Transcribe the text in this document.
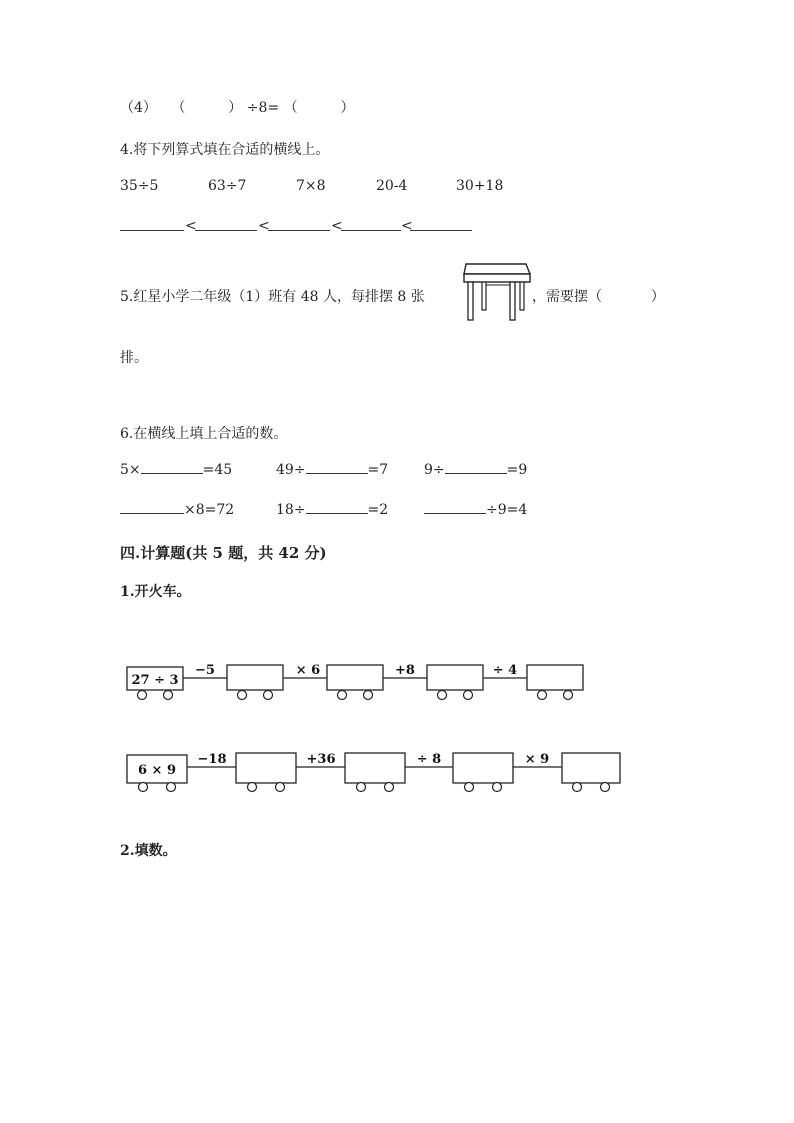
（4） （	） ÷8= （	）
4.将下列算式填在合适的横线上。
35÷5	63÷7	7×8	20-4	30+18
<	<	<	<
5.红星小学二年级（1）班有 48 人，每排摆 8 张	，需要摆（	）
排。
6.在横线上填上合适的数。
5×	=45	49÷	=7	9÷	=9
×8=72	18÷	=2	÷9=4
四.计算题(共 5 题，共 42 分)
1.开火车。
27 ÷ 3
−5	× 6	+8	÷ 4
6 × 9
−18	+36	÷ 8	× 9
2.填数。
